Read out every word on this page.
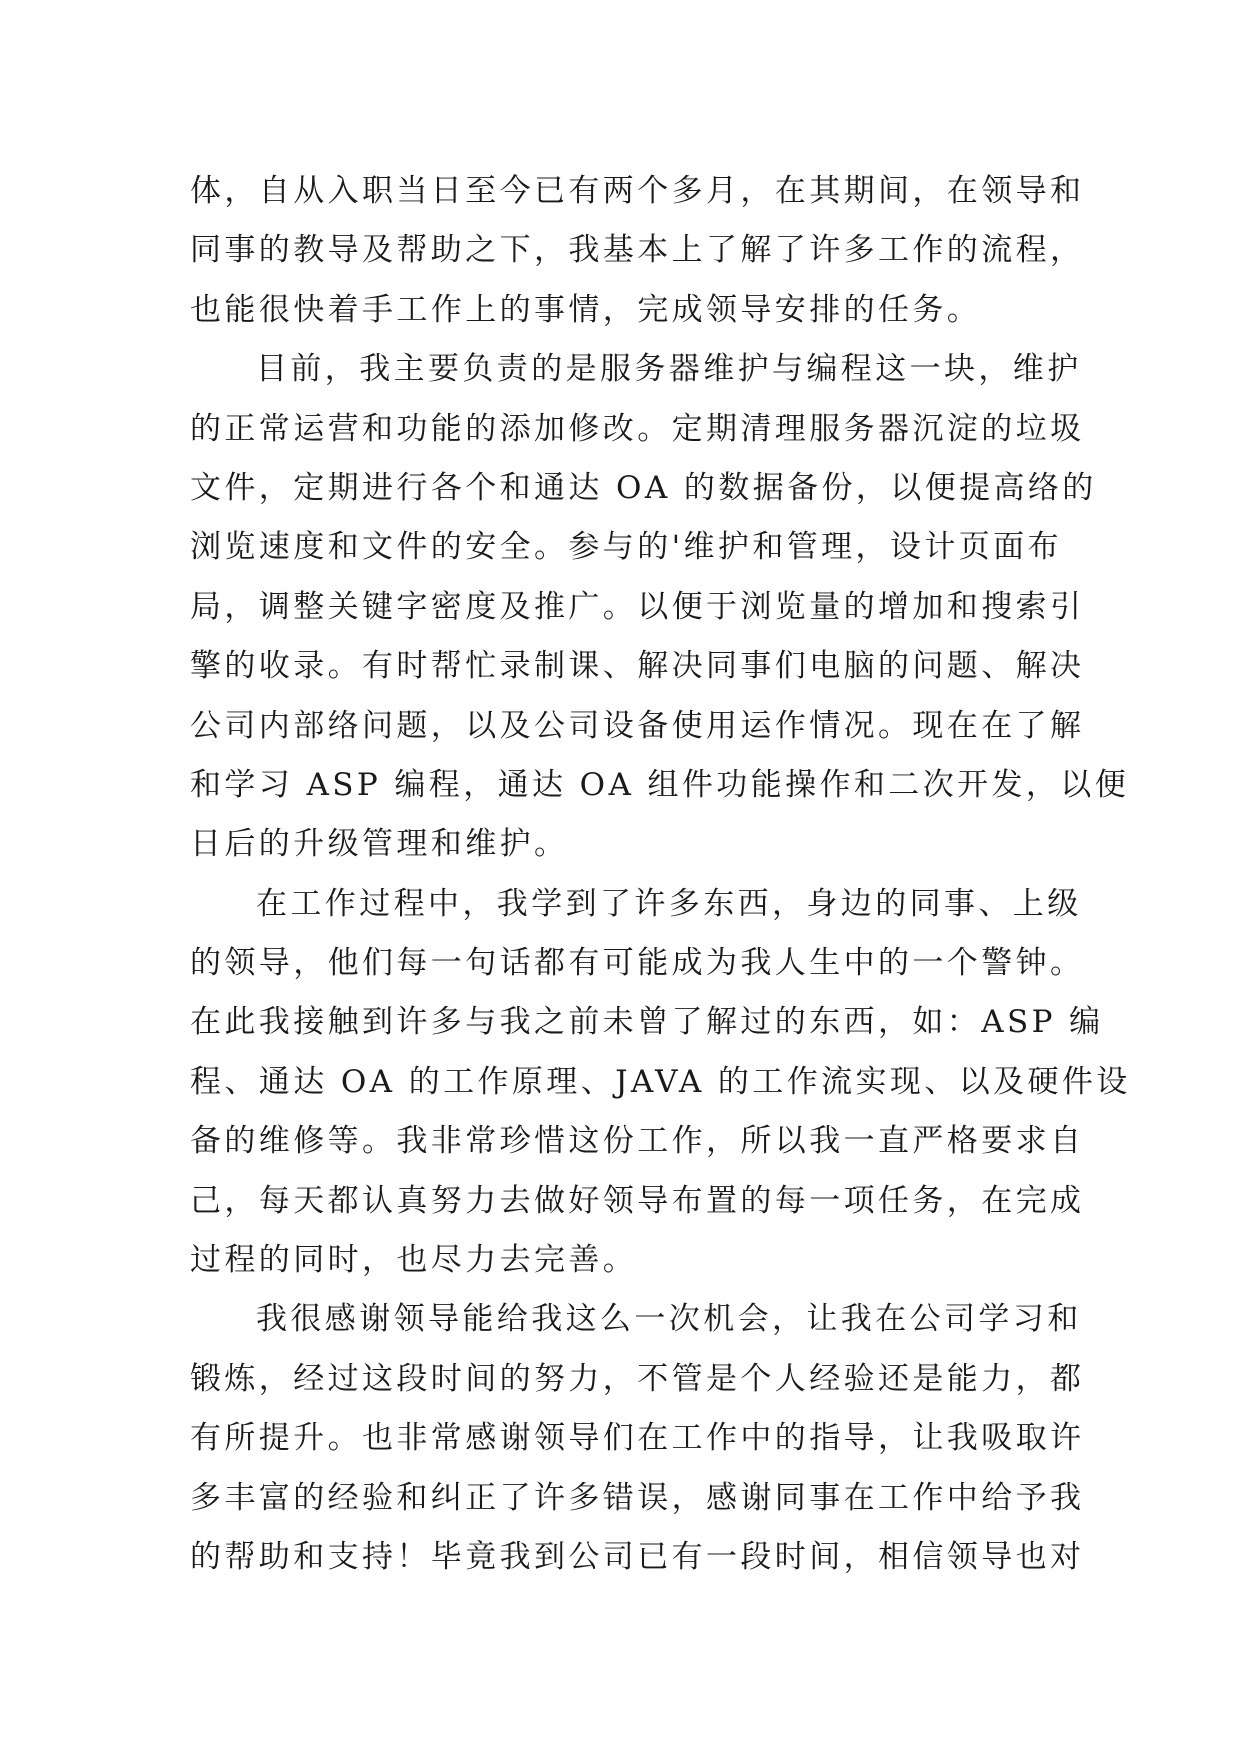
体，自从入职当日至今已有两个多月，在其期间，在领导和
同事的教导及帮助之下，我基本上了解了许多工作的流程，
也能很快着手工作上的事情，完成领导安排的任务。
目前，我主要负责的是服务器维护与编程这一块，维护
的正常运营和功能的添加修改。定期清理服务器沉淀的垃圾
文件，定期进行各个和通达 OA 的数据备份，以便提高络的
浏览速度和文件的安全。参与的'维护和管理，设计页面布
局，调整关键字密度及推广。以便于浏览量的增加和搜索引
擎的收录。有时帮忙录制课、解决同事们电脑的问题、解决
公司内部络问题，以及公司设备使用运作情况。现在在了解
和学习 ASP 编程，通达 OA 组件功能操作和二次开发，以便
日后的升级管理和维护。
在工作过程中，我学到了许多东西，身边的同事、上级
的领导，他们每一句话都有可能成为我人生中的一个警钟。
在此我接触到许多与我之前未曾了解过的东西，如：ASP 编
程、通达 OA 的工作原理、JAVA 的工作流实现、以及硬件设
备的维修等。我非常珍惜这份工作，所以我一直严格要求自
己，每天都认真努力去做好领导布置的每一项任务，在完成
过程的同时，也尽力去完善。
我很感谢领导能给我这么一次机会，让我在公司学习和
锻炼，经过这段时间的努力，不管是个人经验还是能力，都
有所提升。也非常感谢领导们在工作中的指导，让我吸取许
多丰富的经验和纠正了许多错误，感谢同事在工作中给予我
的帮助和支持！毕竟我到公司已有一段时间，相信领导也对
